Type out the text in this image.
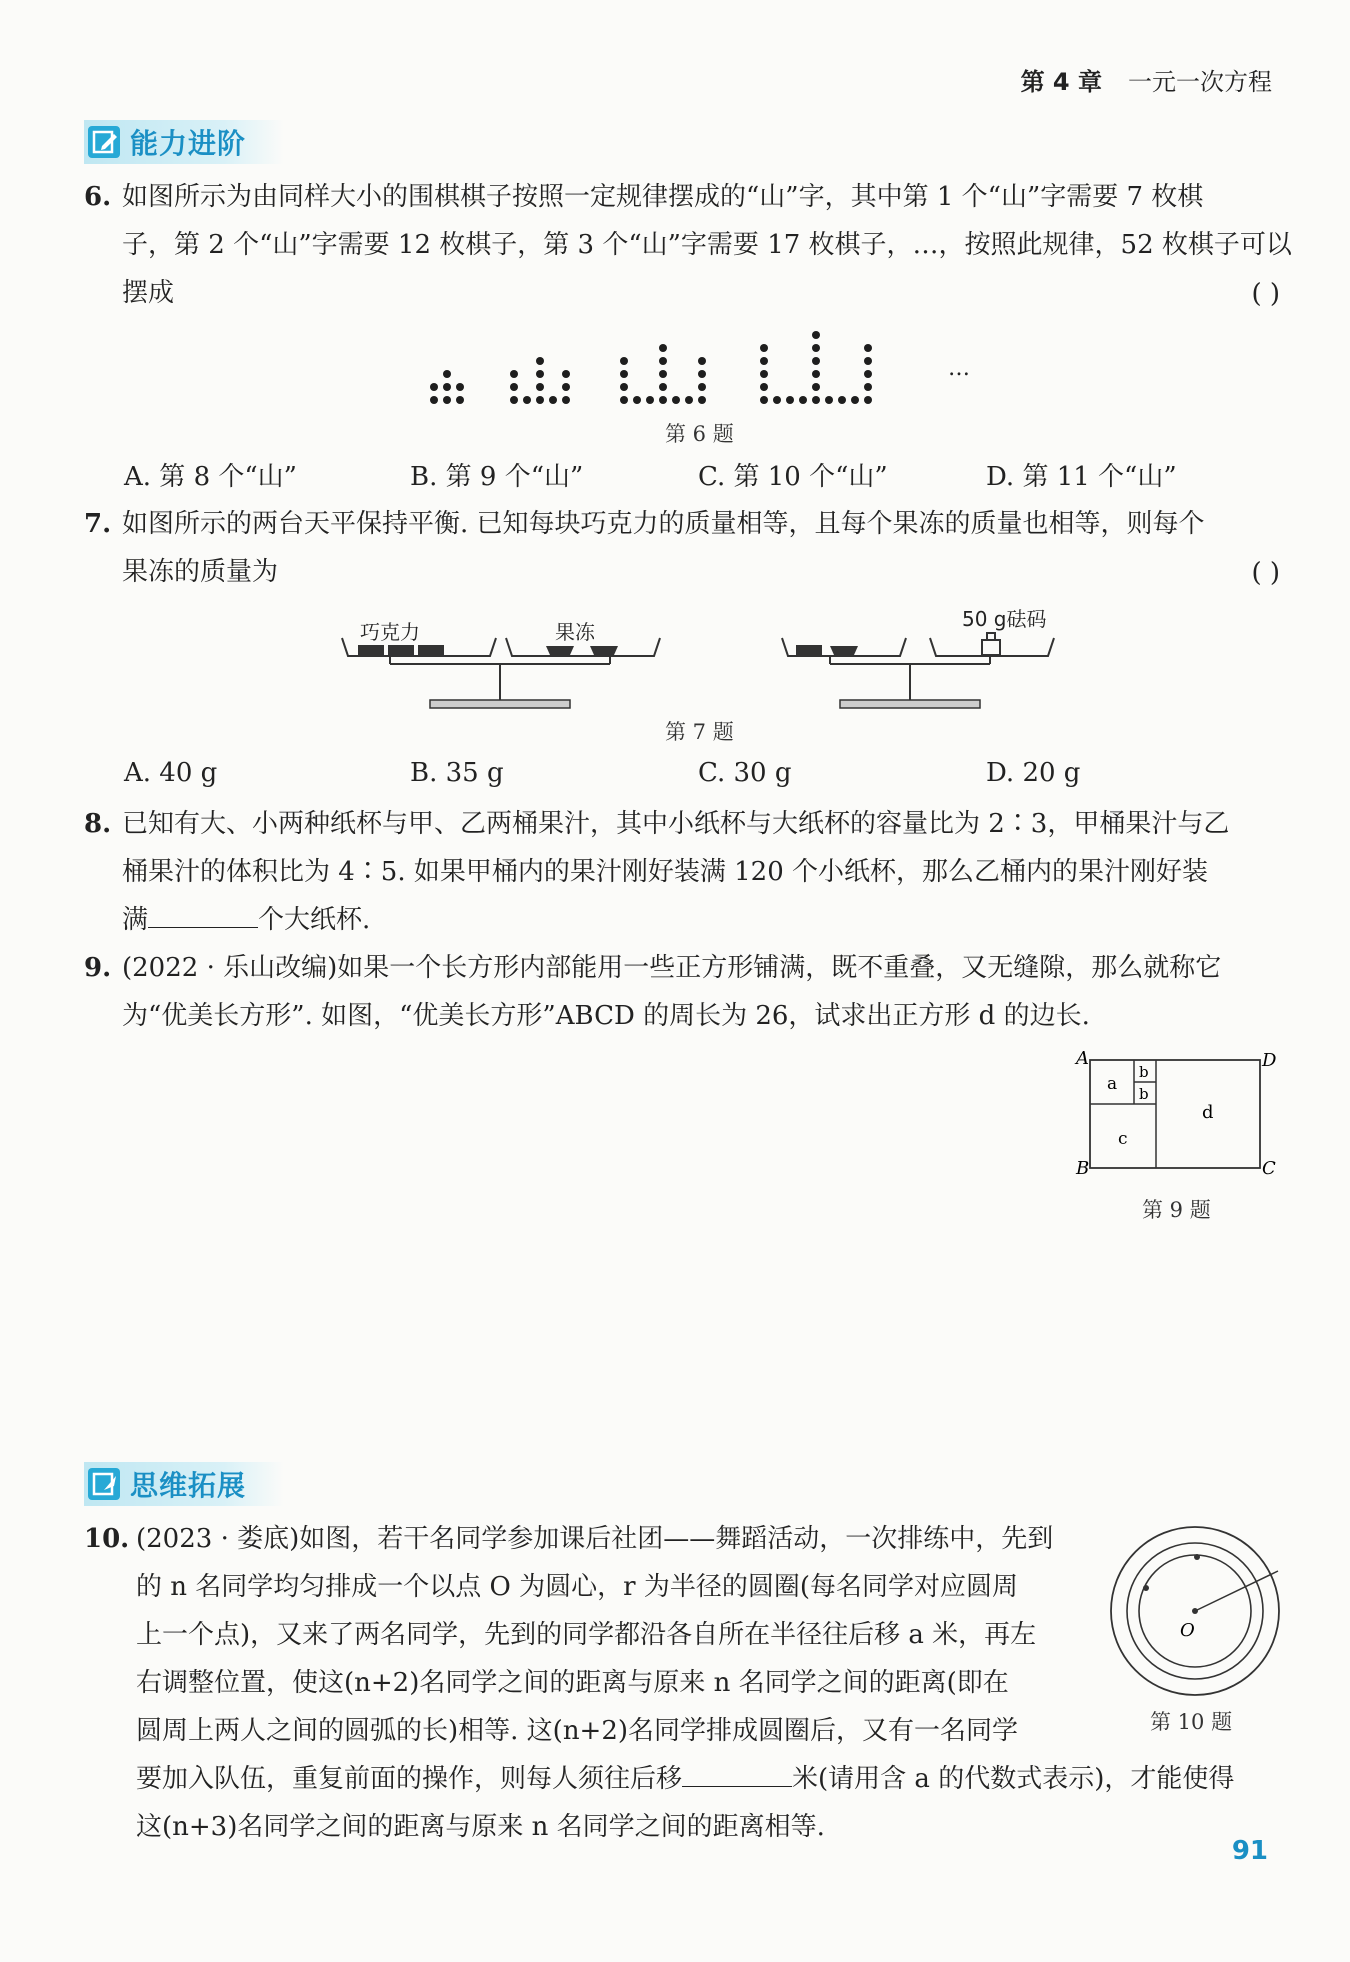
第 4 章 一元一次方程
能力进阶
6. 如图所示为由同样大小的围棋棋子按照一定规律摆成的“山”字，其中第 1 个“山”字需要 7 枚棋
子，第 2 个“山”字需要 12 枚棋子，第 3 个“山”字需要 17 枚棋子，…，按照此规律，52 枚棋子可以
摆成	( )
…
第 6 题
A. 第 8 个“山”	B. 第 9 个“山”	C. 第 10 个“山”	D. 第 11 个“山”
7. 如图所示的两台天平保持平衡. 已知每块巧克力的质量相等，且每个果冻的质量也相等，则每个
果冻的质量为	( )
巧克力	果冻
50 g砝码
第 7 题
A. 40 g	B. 35 g	C. 30 g	D. 20 g
8. 已知有大、小两种纸杯与甲、乙两桶果汁，其中小纸杯与大纸杯的容量比为 2∶3，甲桶果汁与乙
桶果汁的体积比为 4∶5. 如果甲桶内的果汁刚好装满 120 个小纸杯，那么乙桶内的果汁刚好装
满	个大纸杯.
9. (2022 · 乐山改编)如果一个长方形内部能用一些正方形铺满，既不重叠，又无缝隙，那么就称它
为“优美长方形”. 如图，“优美长方形”ABCD 的周长为 26，试求出正方形 d 的边长.
A
B	C
D
a
b
b
c
d
第 9 题
思维拓展
10. (2023 · 娄底)如图，若干名同学参加课后社团——舞蹈活动，一次排练中，先到
的 n 名同学均匀排成一个以点 O 为圆心，r 为半径的圆圈(每名同学对应圆周
上一个点)，又来了两名同学，先到的同学都沿各自所在半径往后移 a 米，再左
右调整位置，使这(n+2)名同学之间的距离与原来 n 名同学之间的距离(即在
圆周上两人之间的圆弧的长)相等. 这(n+2)名同学排成圆圈后，又有一名同学
要加入队伍，重复前面的操作，则每人须往后移	米(请用含 a 的代数式表示)，才能使得
这(n+3)名同学之间的距离与原来 n 名同学之间的距离相等.
O
第 10 题
91
